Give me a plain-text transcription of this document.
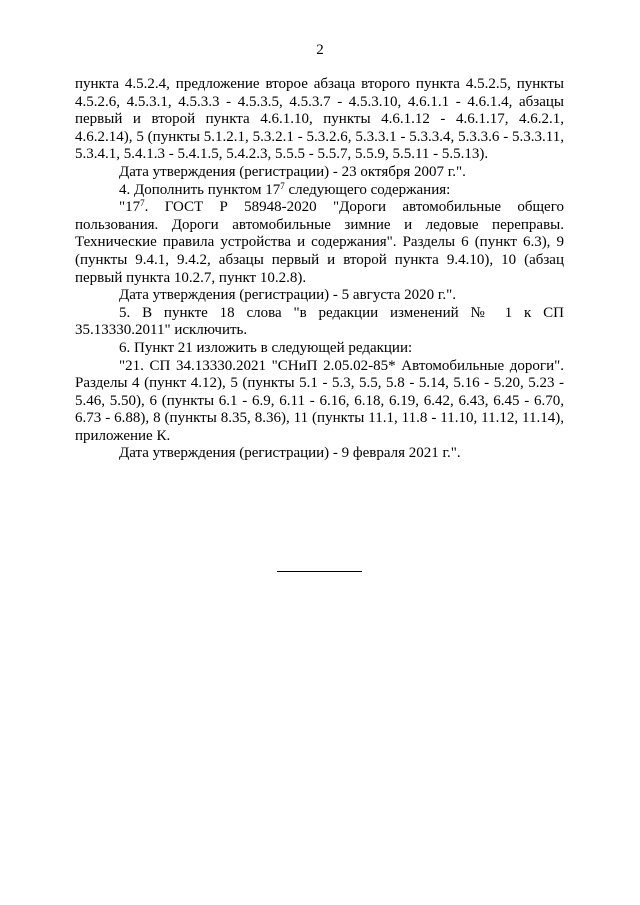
2

пункта 4.5.2.4, предложение второе абзаца второго пункта 4.5.2.5, пункты 4.5.2.6, 4.5.3.1, 4.5.3.3 - 4.5.3.5, 4.5.3.7 - 4.5.3.10, 4.6.1.1 - 4.6.1.4, абзацы первый и второй пункта 4.6.1.10, пункты 4.6.1.12 - 4.6.1.17, 4.6.2.1, 4.6.2.14), 5 (пункты 5.1.2.1, 5.3.2.1 - 5.3.2.6, 5.3.3.1 - 5.3.3.4, 5.3.3.6 - 5.3.3.11, 5.3.4.1, 5.4.1.3 - 5.4.1.5, 5.4.2.3, 5.5.5 - 5.5.7, 5.5.9, 5.5.11 - 5.5.13).

Дата утверждения (регистрации) - 23 октября 2007 г.".

4. Дополнить пунктом $17^7$ следующего содержания:

"$17^7$. ГОСТ Р 58948-2020 "Дороги автомобильные общего пользования. Дороги автомобильные зимние и ледовые переправы. Технические правила устройства и содержания". Разделы 6 (пункт 6.3), 9 (пункты 9.4.1, 9.4.2, абзацы первый и второй пункта 9.4.10), 10 (абзац первый пункта 10.2.7, пункт 10.2.8).

Дата утверждения (регистрации) - 5 августа 2020 г.".

5. В пункте 18 слова "в редакции изменений № 1 к СП 35.13330.2011" исключить.

6. Пункт 21 изложить в следующей редакции:

"21. СП 34.13330.2021 "СНиП 2.05.02-85* Автомобильные дороги". Разделы 4 (пункт 4.12), 5 (пункты 5.1 - 5.3, 5.5, 5.8 - 5.14, 5.16 - 5.20, 5.23 - 5.46, 5.50), 6 (пункты 6.1 - 6.9, 6.11 - 6.16, 6.18, 6.19, 6.42, 6.43, 6.45 - 6.70, 6.73 - 6.88), 8 (пункты 8.35, 8.36), 11 (пункты 11.1, 11.8 - 11.10, 11.12, 11.14), приложение К.

Дата утверждения (регистрации) - 9 февраля 2021 г.".
